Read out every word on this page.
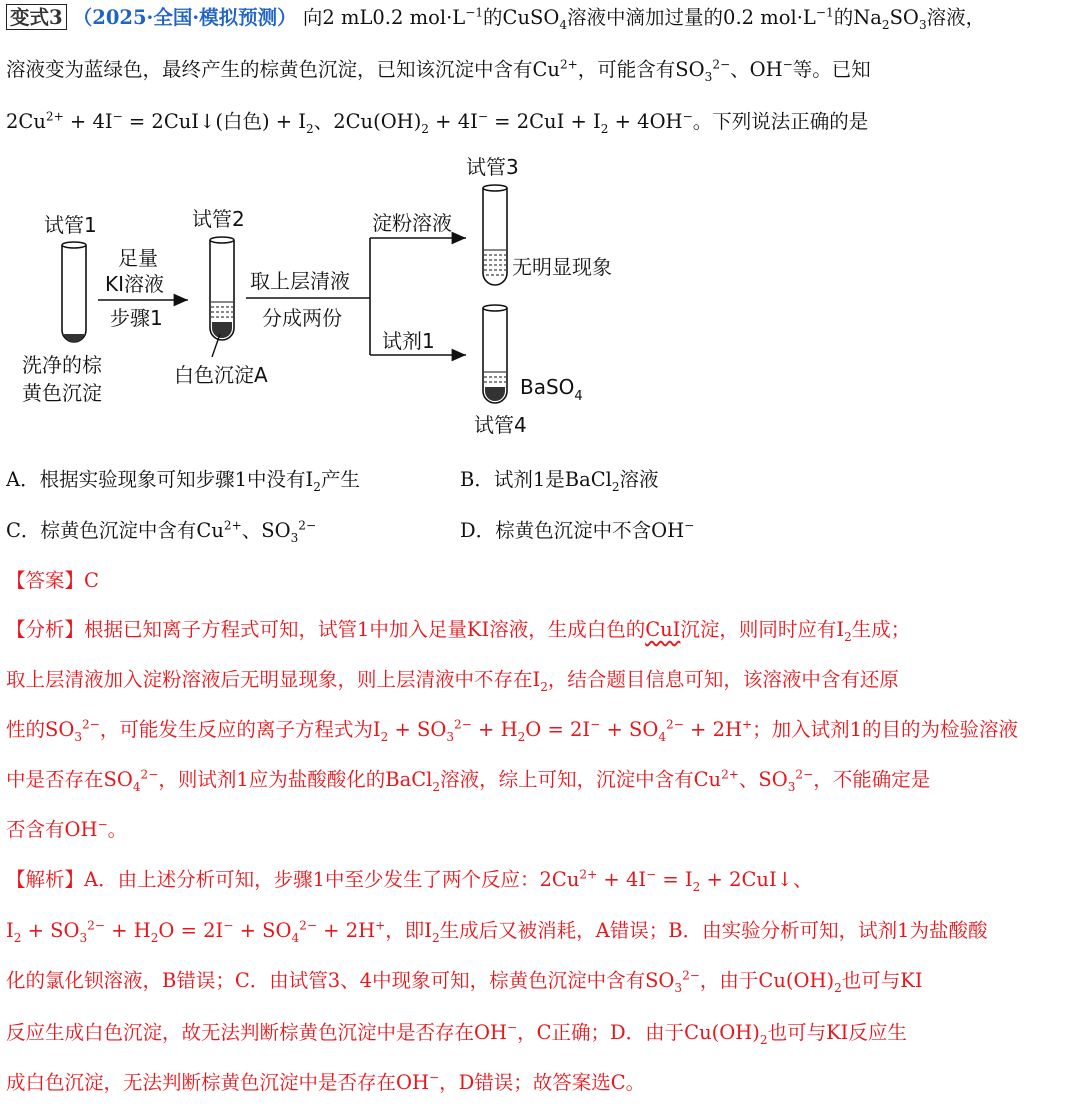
变式3 （2025·全国·模拟预测） 向2 mL0.2 $mol\cdot L^{-1}$的CuSO$_4$溶液中滴加过量的0.2 $mol\cdot L^{-1}$的$Na_2SO_3$溶液，
溶液变为蓝绿色，最终产生的棕黄色沉淀，已知该沉淀中含有$Cu^{2+}$，可能含有$SO_3^{2-}$、OH−等。已知
$2Cu^{2+} + 4I^-$ = 2CuI↓(白色) + $I_2$、$2Cu(OH)_2 + 4I^- = 2CuI + I_2 + 4OH^-$。下列说法正确的是
试管1
洗净的棕
黄色沉淀
足量
KI溶液
步骤1
试管2
白色沉淀A
取上层清液
分成两份
淀粉溶液
试剂1
试管3
无明显现象
BaSO$_4$
试管4
A．根据实验现象可知步骤1中没有$I_2$产生	B．试剂1是BaCl$_2$溶液
C．棕黄色沉淀中含有$Cu^{2+}$、$SO_3^{2-}$	D．棕黄色沉淀中不含OH−
【答案】C
【分析】根据已知离子方程式可知，试管1中加入足量KI溶液，生成白色的CuI沉淀，则同时应有$I_2$生成；
取上层清液加入淀粉溶液后无明显现象，则上层清液中不存在$I_2$，结合题目信息可知，该溶液中含有还原
性的$SO_3^{2-}$，可能发生反应的离子方程式为$I_2 + SO_3^{2-} + H_2O = 2I^- + SO_4^{2-} + 2H^+$；加入试剂1的目的为检验溶液
中是否存在$SO_4^{2-}$，则试剂1应为盐酸酸化的BaCl$_2$溶液，综上可知，沉淀中含有$Cu^{2+}$、$SO_3^{2-}$，不能确定是
否含有OH−。
【解析】A．由上述分析可知，步骤1中至少发生了两个反应：$2Cu^{2+} + 4I^- = I_2$ + 2CuI↓、
$I_2 + SO_3^{2-} + H_2O = 2I^- + SO_4^{2-} + 2H^+$，即$I_2$生成后又被消耗，A错误；B．由实验分析可知，试剂1为盐酸酸
化的氯化钡溶液，B错误；C．由试管3、4中现象可知，棕黄色沉淀中含有$SO_3^{2-}$，由于$Cu(OH)_2$也可与KI
反应生成白色沉淀，故无法判断棕黄色沉淀中是否存在OH−，C正确；D．由于$Cu(OH)_2$也可与KI反应生
成白色沉淀，无法判断棕黄色沉淀中是否存在OH−，D错误；故答案选C。
